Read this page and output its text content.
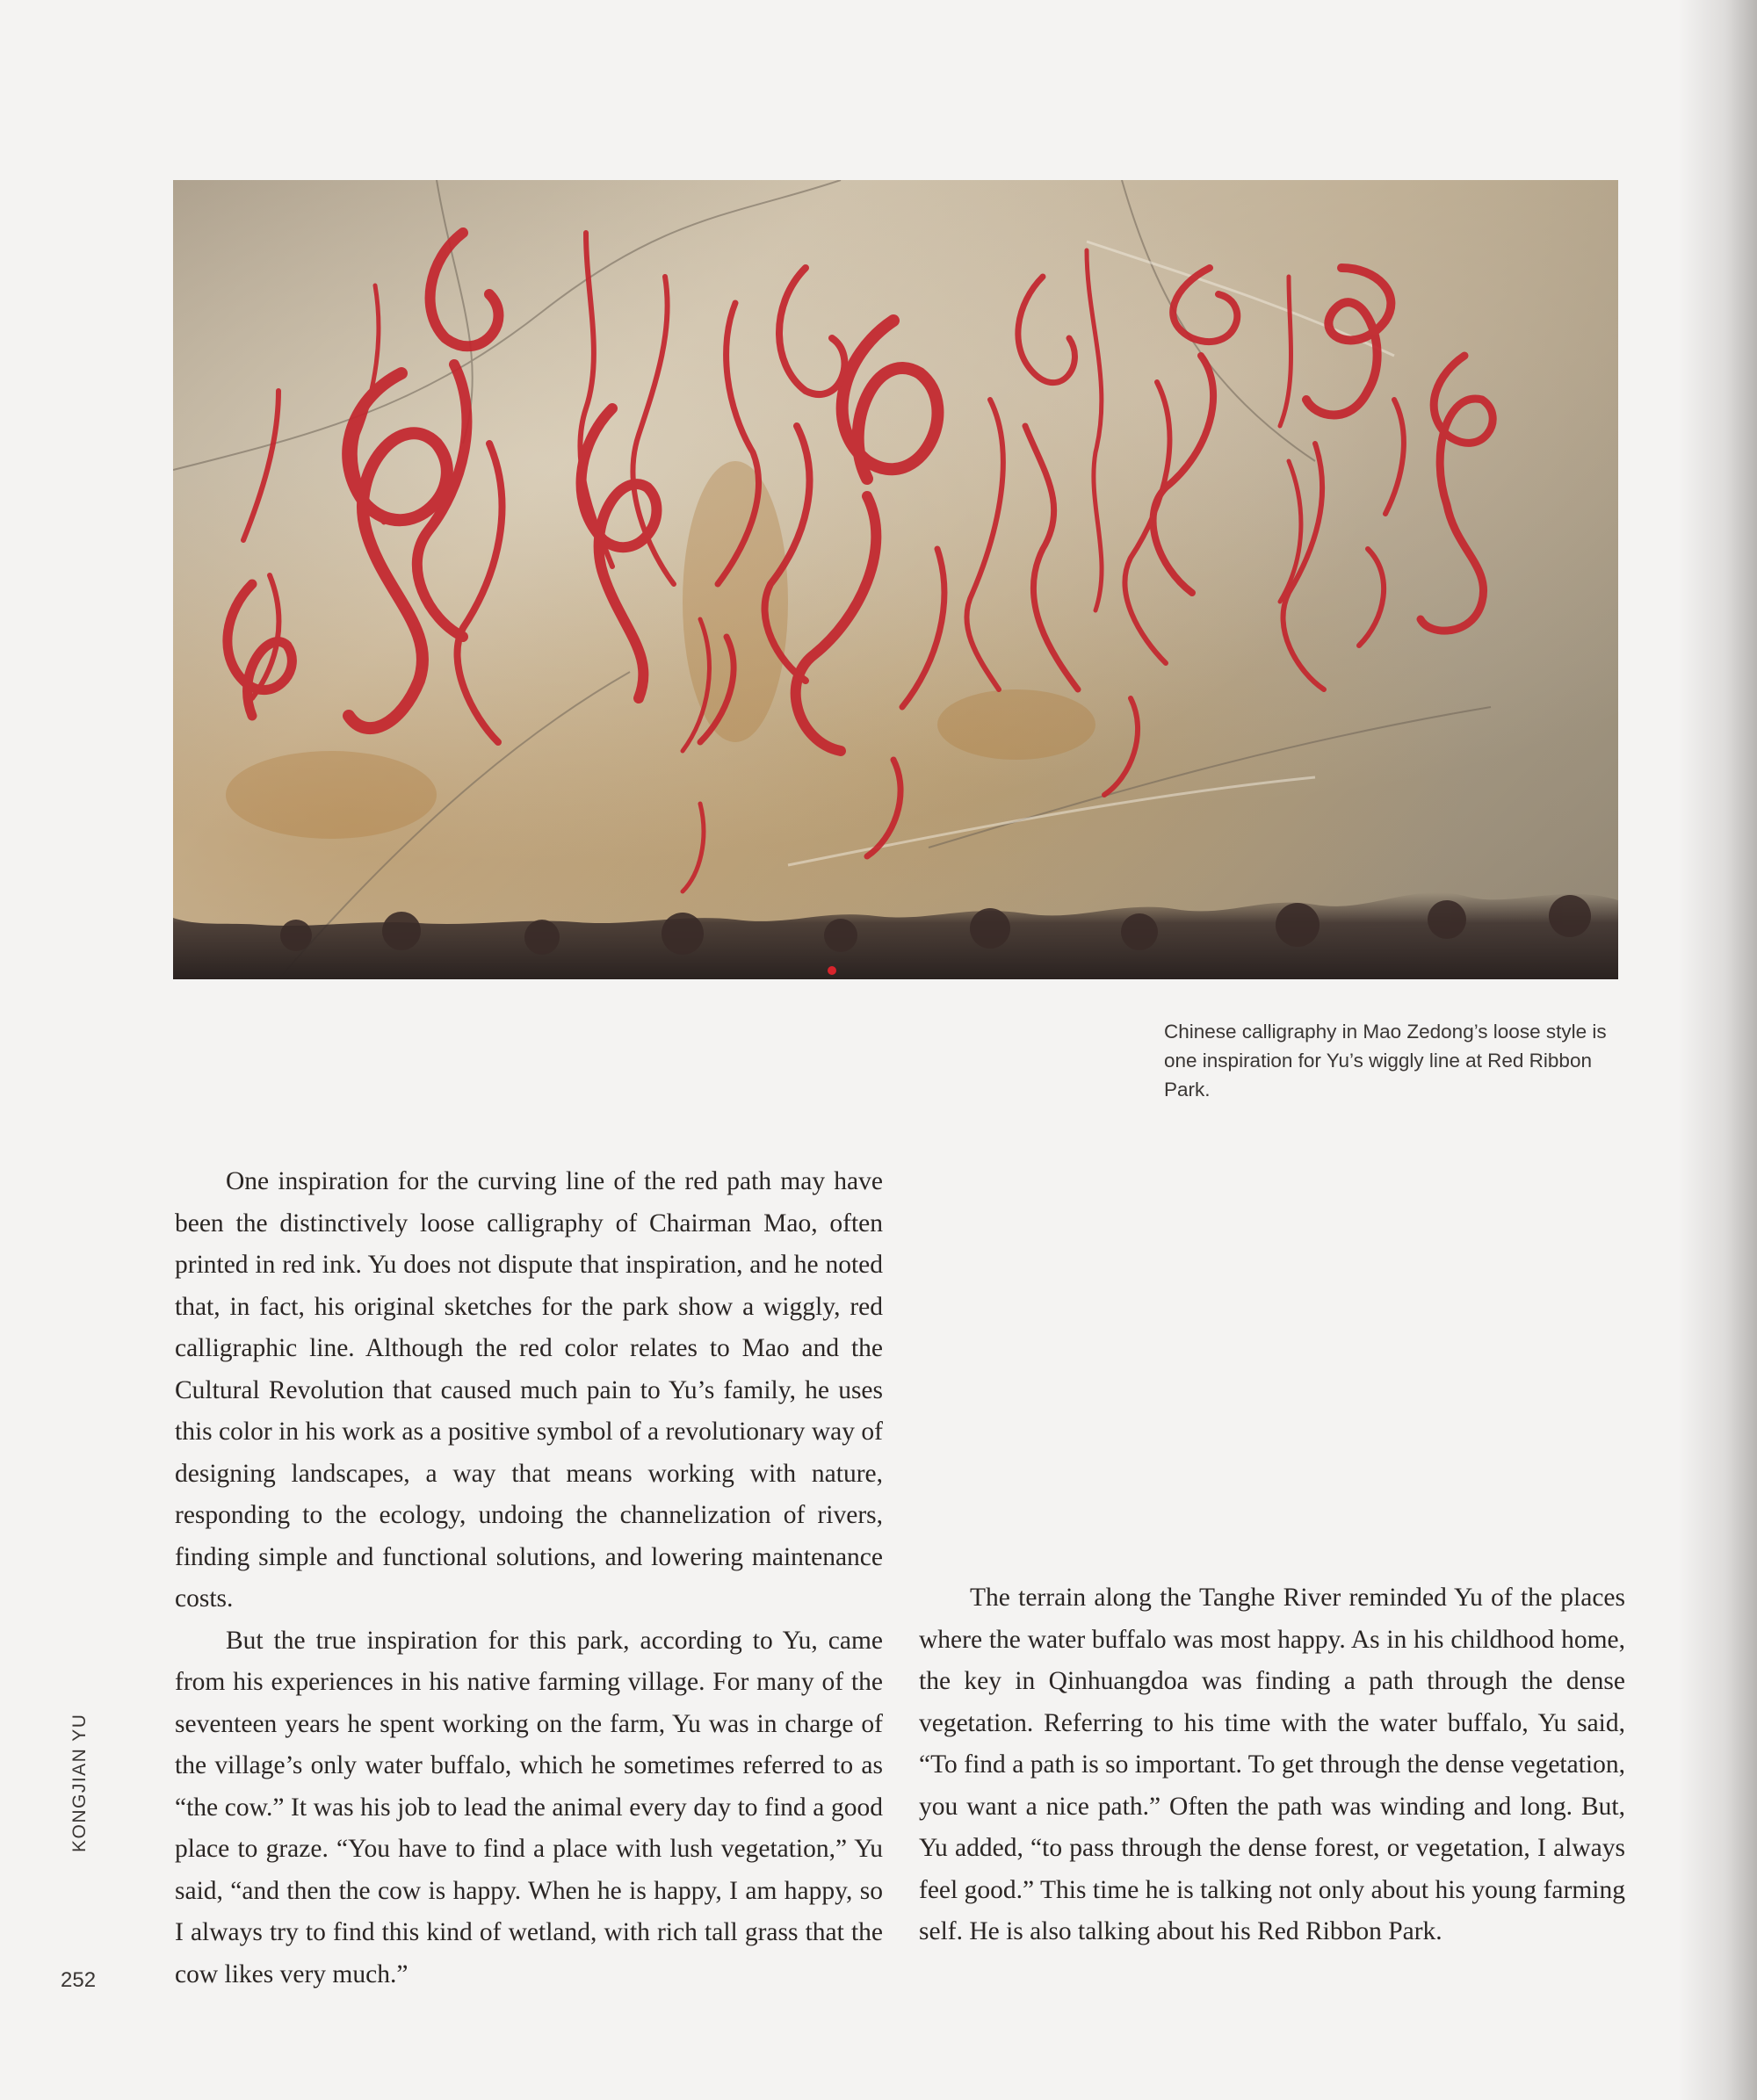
Chinese calligraphy in Mao Zedong’s loose style is one inspiration for Yu’s wiggly line at Red Ribbon Park.

One inspiration for the curving line of the red path may have been the distinctively loose calligraphy of Chairman Mao, often printed in red ink. Yu does not dispute that inspiration, and he noted that, in fact, his original sketches for the park show a wiggly, red calligraphic line. Although the red color relates to Mao and the Cultural Revolution that caused much pain to Yu’s family, he uses this color in his work as a positive symbol of a revolutionary way of designing landscapes, a way that means working with nature, responding to the ecology, undoing the channelization of rivers, finding simple and functional solutions, and lowering maintenance costs.

But the true inspiration for this park, according to Yu, came from his experiences in his native farming village. For many of the seventeen years he spent working on the farm, Yu was in charge of the village’s only water buffalo, which he sometimes referred to as “the cow.” It was his job to lead the animal every day to find a good place to graze. “You have to find a place with lush vegetation,” Yu said, “and then the cow is happy. When he is happy, I am happy, so I always try to find this kind of wetland, with rich tall grass that the cow likes very much.”

The terrain along the Tanghe River reminded Yu of the places where the water buffalo was most happy. As in his childhood home, the key in Qinhuangdoa was finding a path through the dense vegetation. Referring to his time with the water buffalo, Yu said, “To find a path is so important. To get through the dense vegetation, you want a nice path.” Often the path was winding and long. But, Yu added, “to pass through the dense forest, or vegetation, I always feel good.” This time he is talking not only about his young farming self. He is also talking about his Red Ribbon Park.

KONGJIAN YU
252
